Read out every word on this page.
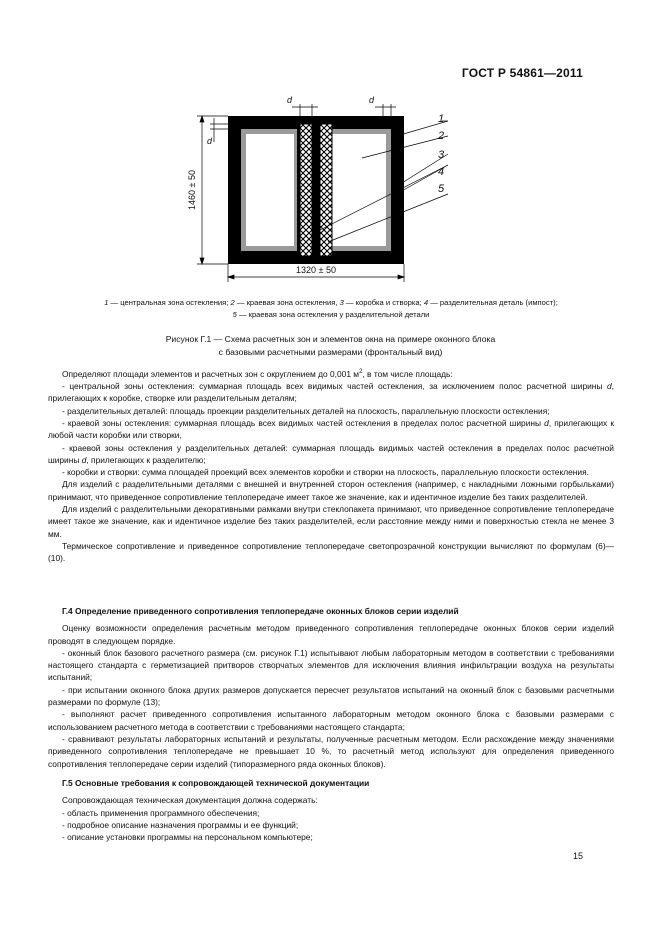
ГОСТ Р 54861—2011
1460 ± 50
d
d	d
1320 ± 50
1
2
3
4
5
1 — центральная зона остекления; 2 — краевая зона остекления, 3 — коробка и створка; 4 — разделительная деталь (импост);
5 — краевая зона остекления у разделительной детали
Рисунок Г.1 — Схема расчетных зон и элементов окна на примере оконного блока
с базовыми расчетными размерами (фронтальный вид)

Определяют площади элементов и расчетных зон с округлением до 0,001 $м^2$, в том числе площадь:

- центральной зоны остекления: суммарная площадь всех видимых частей остекления, за исключением полос расчетной ширины d, прилегающих к коробке, створке или разделительным деталям;

- разделительных деталей: площадь проекции разделительных деталей на плоскость, параллельную плоскости остекления;

- краевой зоны остекления: суммарная площадь всех видимых частей остекления в пределах полос расчетной ширины d, прилегающих к любой части коробки или створки,

- краевой зоны остекления у разделительных деталей: суммарная площадь видимых частей остекления в пределах полос расчетной ширины d, прилегающих к разделителю;

- коробки и створки: сумма площадей проекций всех элементов коробки и створки на плоскость, параллельную плоскости остекления.

Для изделий с разделительными деталями с внешней и внутренней сторон остекления (например, с накладными ложными горбыльками) принимают, что приведенное сопротивление теплопередаче имеет такое же значение, как и идентичное изделие без таких разделителей.

Для изделий с разделительными декоративными рамками внутри стеклопакета принимают, что приведенное сопротивление теплопередаче имеет такое же значение, как и идентичное изделие без таких разделителей, если расстояние между ними и поверхностью стекла не менее 3 мм.

Термическое сопротивление и приведенное сопротивление теплопередаче светопрозрачной конструкции вычисляют по формулам (6)—(10).

Г.4 Определение приведенного сопротивления теплопередаче оконных блоков серии изделий

Оценку возможности определения расчетным методом приведенного сопротивления теплопередаче оконных блоков серии изделий проводят в следующем порядке.

- оконный блок базового расчетного размера (см. рисунок Г.1) испытывают любым лабораторным методом в соответствии с требованиями настоящего стандарта с герметизацией притворов створчатых элементов для исключения влияния инфильтрации воздуха на результаты испытаний;

- при испытании оконного блока других размеров допускается пересчет результатов испытаний на оконный блок с базовыми расчетными размерами по формуле (13);

- выполняют расчет приведенного сопротивления испытанного лабораторным методом оконного блока с базовыми размерами с использованием расчетного метода в соответствии с требованиями настоящего стандарта;

- сравнивают результаты лабораторных испытаний и результаты, полученные расчетным методом. Если расхождение между значениями приведенного сопротивления теплопередаче не превышает 10 %, то расчетный метод используют для определения приведенного сопротивления теплопередаче серии изделий (типоразмерного ряда оконных блоков).

Г.5 Основные требования к сопровождающей технической документации

Сопровождающая техническая документация должна содержать:

- область применения программного обеспечения;

- подробное описание назначения программы и ее функций;

- описание установки программы на персональном компьютере;

15
